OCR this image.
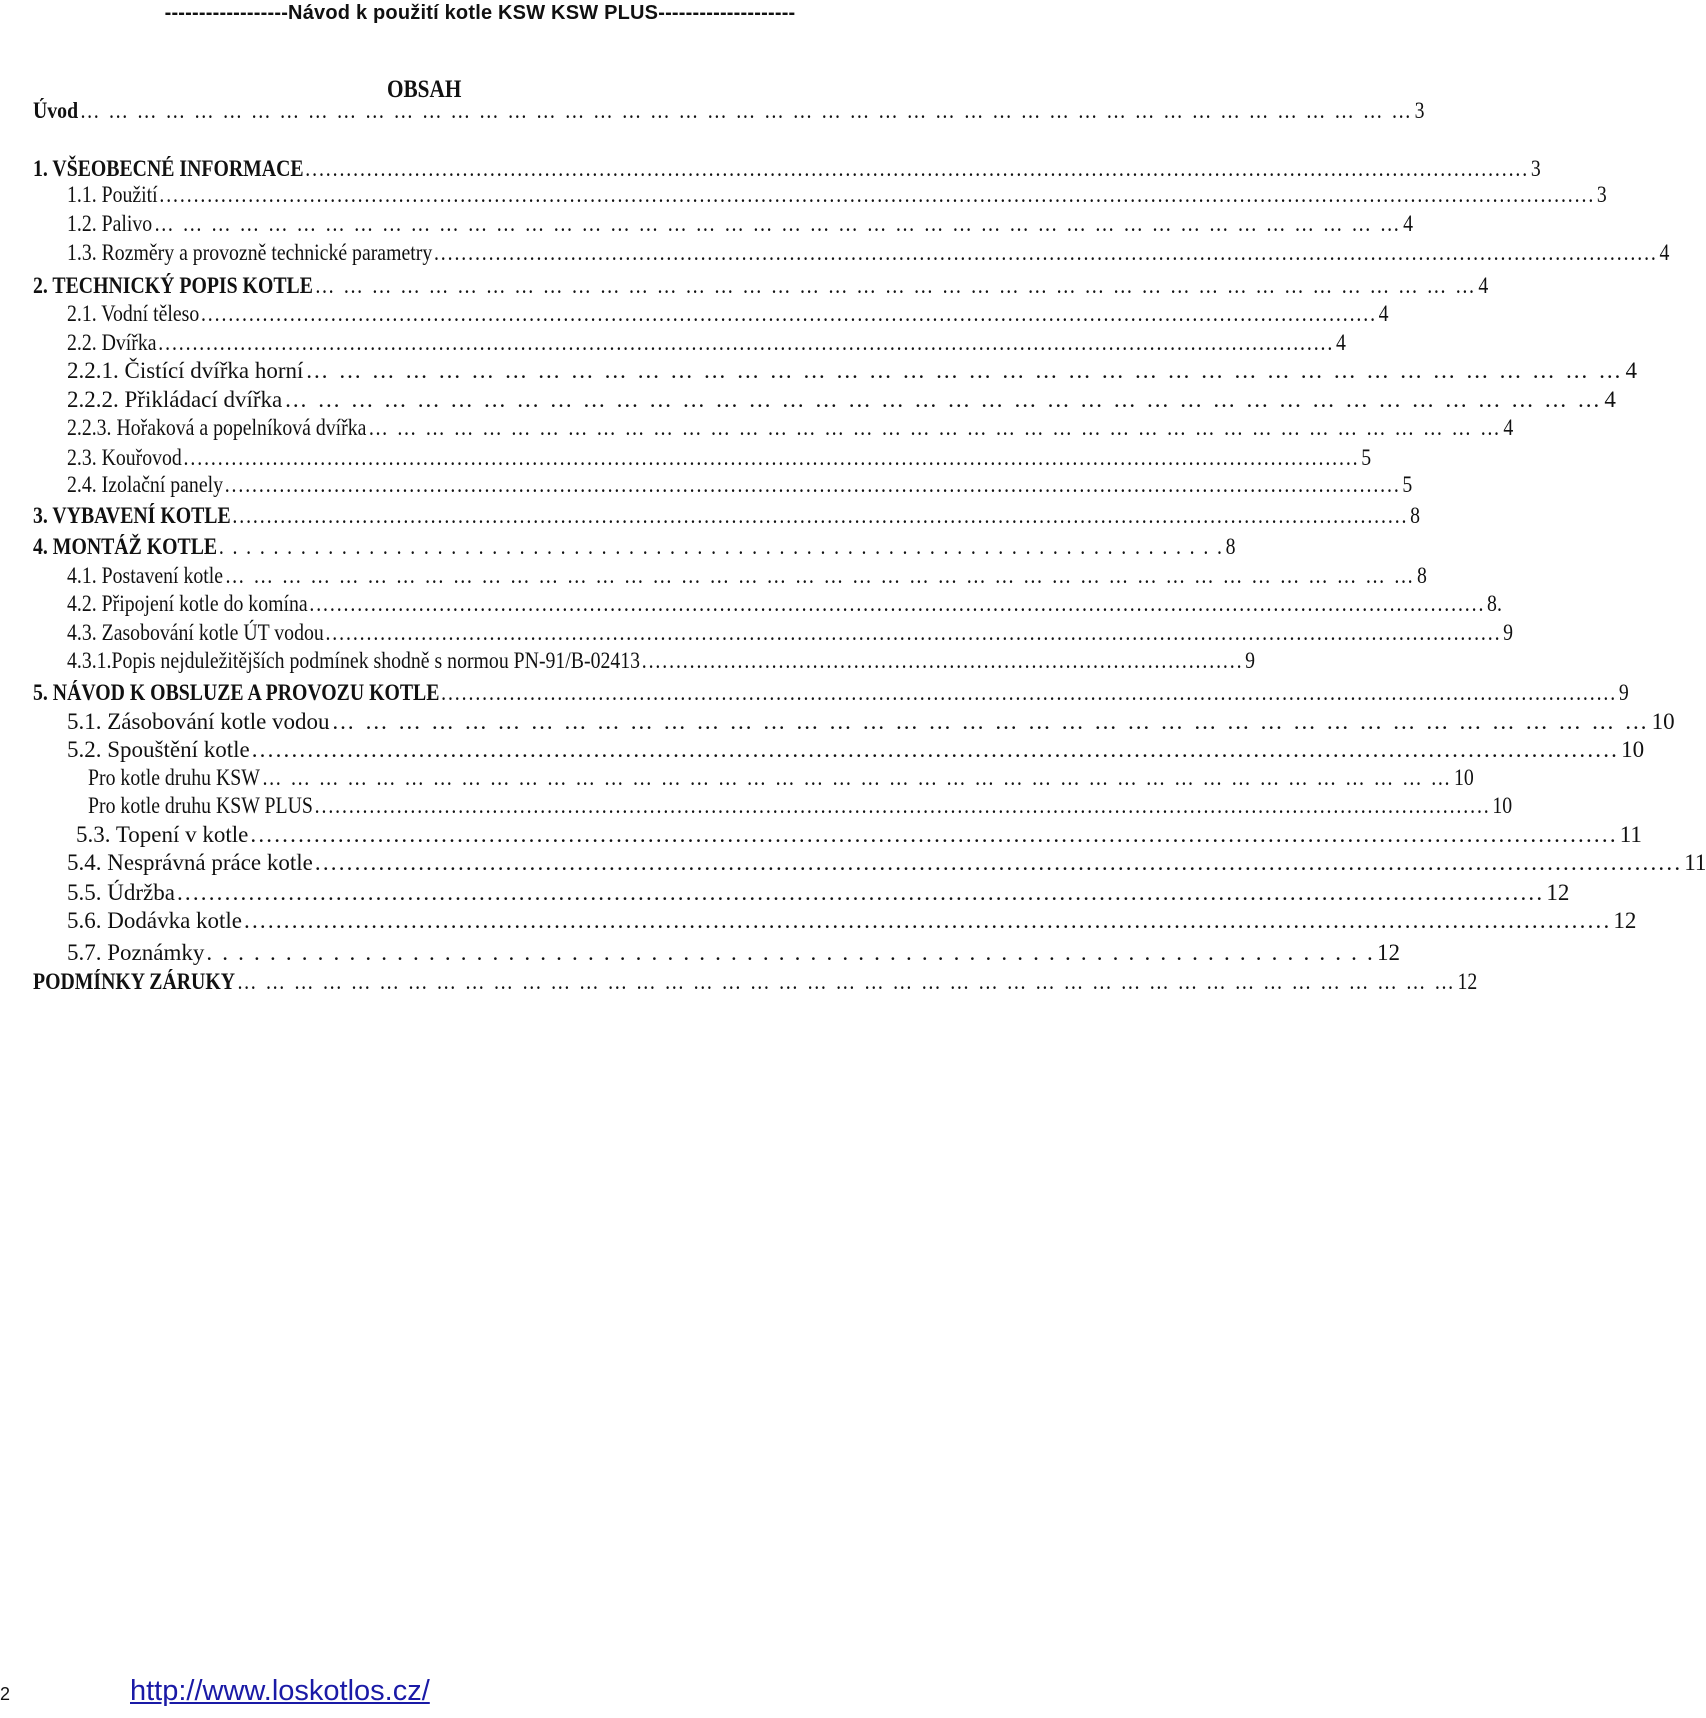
------------------Návod k použití kotle KSW KSW PLUS--------------------
OBSAH
Úvod … … … … … … … … … … … … … … … … … … … … … … … … … … … … … … … … … … … … … … … … … … … … … … … 3
1. VŠEOBECNÉ INFORMACE ................................................................................................................................................................................... 3
1.1. Použití .................................................................................................................................................................................................................. 3
1.2. Palivo … … … … … … … … … … … … … … … … … … … … … … … … … … … … … … … … … … … … … … … … … … … … 4
1.3. Rozměry a provozně technické parametry ................................................................................................................................................................................... 4
2. TECHNICKÝ POPIS KOTLE … … … … … … … … … … … … … … … … … … … … … … … … … … … … … … … … … … … … … … … … … 4
2.1. Vodní těleso ............................................................................................................................................................................ 4
2.2. Dvířka ............................................................................................................................................................................ 4
2.2.1. Čistící dvířka horní … … … … … … … … … … … … … … … … … … … … … … … … … … … … … … … … … … … … … … … … 4
2.2.2. Přikládací dvířka … … … … … … … … … … … … … … … … … … … … … … … … … … … … … … … … … … … … … … … … 4
2.2.3. Hořaková a popelníková dvířka … … … … … … … … … … … … … … … … … … … … … … … … … … … … … … … … … … … … … … … … 4
2.3. Kouřovod ............................................................................................................................................................................ 5
2.4. Izolační panely ............................................................................................................................................................................ 5
3. VYBAVENÍ KOTLE ............................................................................................................................................................................ 8
4. MONTÁŽ KOTLE . . . . . . . . . . . . . . . . . . . . . . . . . . . . . . . . . . . . . . . . . . . . . . . . . . . . . . . . . . . . . . . . . . . . . . . . . . 8
4.1. Postavení kotle … … … … … … … … … … … … … … … … … … … … … … … … … … … … … … … … … … … … … … … … … … 8
4.2. Připojení kotle do komína ............................................................................................................................................................................ 8.
4.3. Zasobování kotle ÚT vodou ............................................................................................................................................................................ 9
4.3.1.Popis nejduležitějších podmínek shodně s normou PN-91/B-02413 ........................................................................................ 9
5. NÁVOD K OBSLUZE A PROVOZU KOTLE ............................................................................................................................................................................ 9
5.1. Zásobování kotle vodou … … … … … … … … … … … … … … … … … … … … … … … … … … … … … … … … … … … … … … … … 10
5.2. Spouštění kotle ............................................................................................................................................................................ 10
Pro kotle druhu KSW … … … … … … … … … … … … … … … … … … … … … … … … … … … … … … … … … … … … … … … … … … 10
Pro kotle druhu KSW PLUS ............................................................................................................................................................................ 10
5.3. Topení v kotle ............................................................................................................................................................................ 11
5.4. Nesprávná práce kotle ............................................................................................................................................................................ 11
5.5. Údržba ............................................................................................................................................................................ 12
5.6. Dodávka kotle ............................................................................................................................................................................ 12
5.7. Poznámky . . . . . . . . . . . . . . . . . . . . . . . . . . . . . . . . . . . . . . . . . . . . . . . . . . . . . . . . . . . . . . . . . . . . . . . . . . 12
PODMÍNKY ZÁRUKY … … … … … … … … … … … … … … … … … … … … … … … … … … … … … … … … … … … … … … … … … … … 12
2	http://www.loskotlos.cz/
